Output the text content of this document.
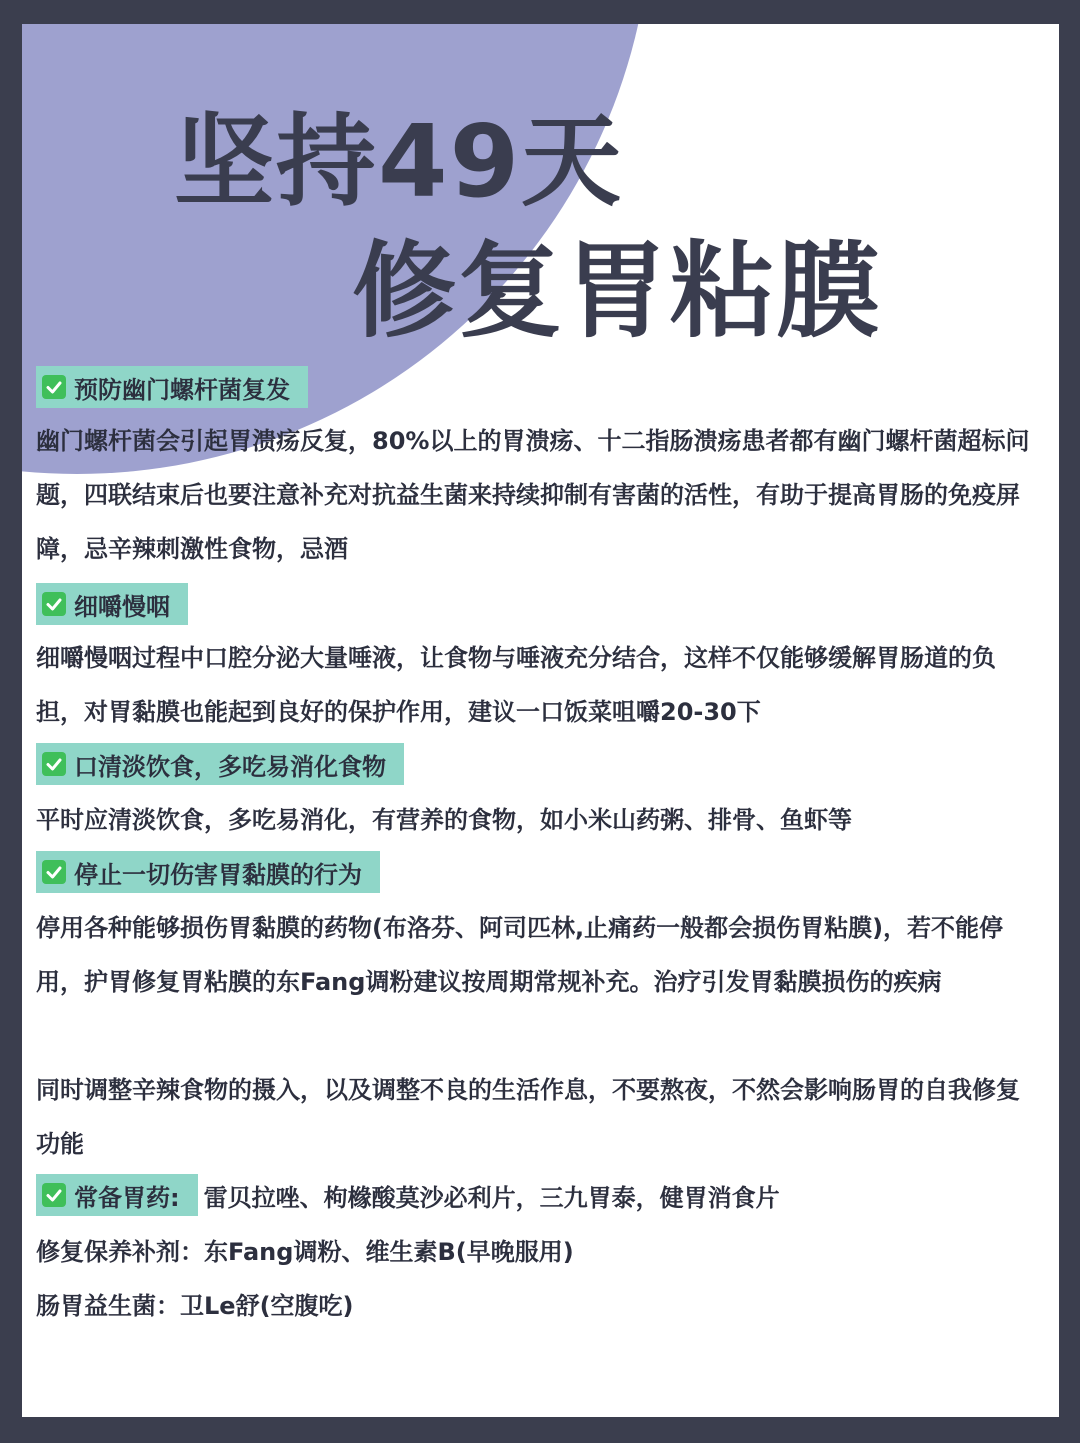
坚持49天
修复胃粘膜
预防幽门螺杆菌复发

幽门螺杆菌会引起胃溃疡反复，80%以上的胃溃疡、十二指肠溃疡患者都有幽门螺杆菌超标问题，四联结束后也要注意补充对抗益生菌来持续抑制有害菌的活性，有助于提高胃肠的免疫屏障，忌辛辣刺激性食物，忌酒

细嚼慢咽

细嚼慢咽过程中口腔分泌大量唾液，让食物与唾液充分结合，这样不仅能够缓解胃肠道的负担，对胃黏膜也能起到良好的保护作用，建议一口饭菜咀嚼20-30下

口清淡饮食，多吃易消化食物

平时应清淡饮食，多吃易消化，有营养的食物，如小米山药粥、排骨、鱼虾等

停止一切伤害胃黏膜的行为

停用各种能够损伤胃黏膜的药物(布洛芬、阿司匹林,止痛药一般都会损伤胃粘膜)，若不能停用，护胃修复胃粘膜的东Fang调粉建议按周期常规补充。治疗引发胃黏膜损伤的疾病

同时调整辛辣食物的摄入，以及调整不良的生活作息，不要熬夜，不然会影响肠胃的自我修复功能

常备胃药: 雷贝拉唑、枸橼酸莫沙必利片，三九胃泰，健胃消食片

修复保养补剂：东Fang调粉、维生素B(早晚服用)

肠胃益生菌：卫Le舒(空腹吃)
